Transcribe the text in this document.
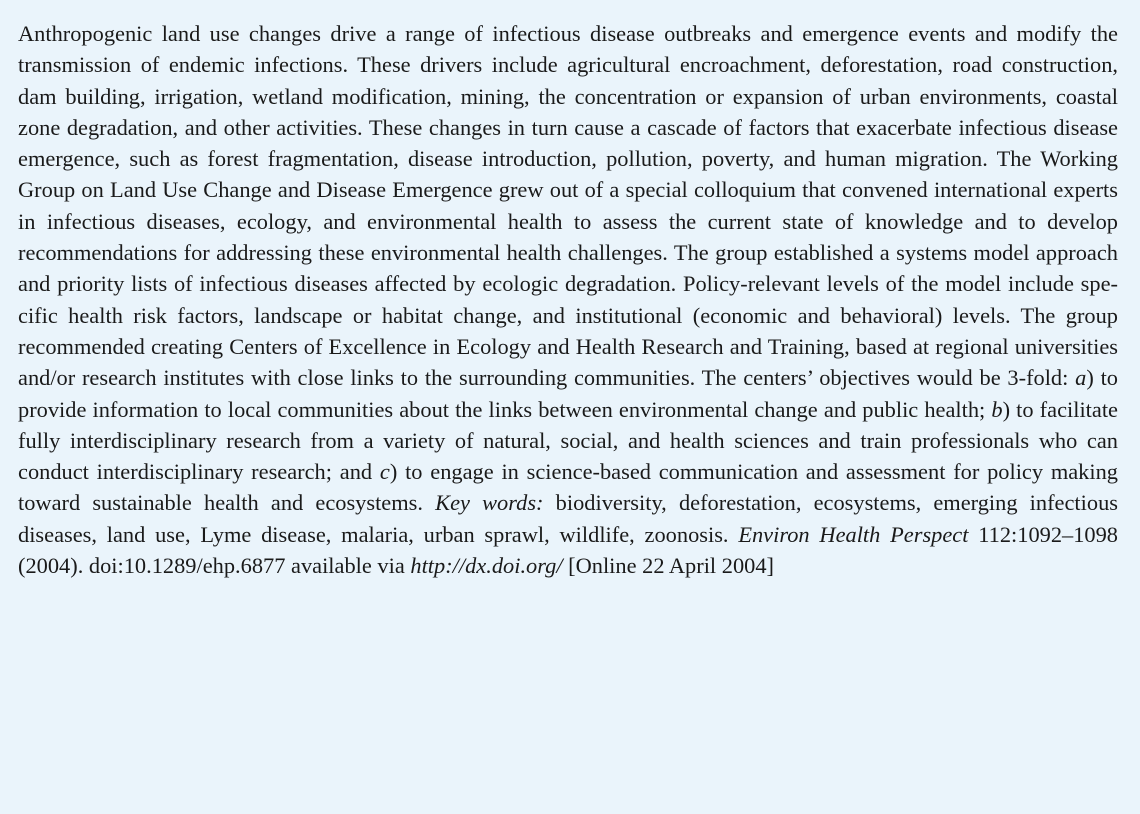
Anthropogenic land use changes drive a range of infectious disease outbreaks and emergence events and modify the transmission of endemic infections. These drivers include agricultural encroachment, deforestation, road construction, dam building, irrigation, wetland modification, mining, the concentration or expansion of urban environments, coastal zone degradation, and other activities. These changes in turn cause a cascade of factors that exacerbate infectious disease emergence, such as forest fragmentation, disease introduction, pollution, poverty, and human migration. The Working Group on Land Use Change and Disease Emergence grew out of a special colloquium that convened international experts in infectious diseases, ecology, and environmental health to assess the current state of knowledge and to develop recommendations for addressing these environmental health challenges. The group established a systems model approach and priority lists of infectious diseases affected by ecologic degradation. Policy-relevant levels of the model include specific health risk factors, landscape or habitat change, and institutional (economic and behavioral) levels. The group recommended creating Centers of Excellence in Ecology and Health Research and Training, based at regional universities and/or research institutes with close links to the surrounding communities. The centers’ objectives would be 3-fold: a) to provide information to local communities about the links between environmental change and public health; b) to facilitate fully interdisciplinary research from a variety of natural, social, and health sciences and train professionals who can conduct interdisciplinary research; and c) to engage in science-based communication and assessment for policy making toward sustainable health and ecosystems. Key words: biodiversity, deforestation, ecosystems, emerging infectious diseases, land use, Lyme disease, malaria, urban sprawl, wildlife, zoonosis. Environ Health Perspect 112:1092–1098 (2004). doi:10.1289/ehp.6877 available via http://dx.doi.org/ [Online 22 April 2004]
